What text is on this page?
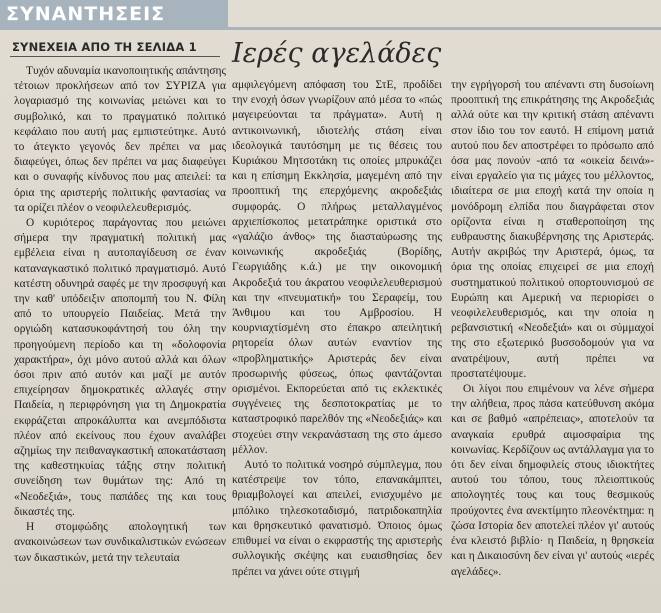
ΣΥΝΑΝΤΗΣΕΙΣ
ΣΥΝΕΧΕΙΑ ΑΠΟ ΤΗ ΣΕΛΙΔΑ 1 Ιερές αγελάδες

Τυχόν αδυναμία ικανοποιητικής απάντησης τέτοιων προκλήσεων από τον ΣΥΡΙΖΑ για λογαριασμό της κοινωνίας μειώνει και το συμβολικό, και το πραγματικό πολιτικό κεφάλαιο που αυτή μας εμπιστεύτηκε. Αυτό το άτεγκτο γεγονός δεν πρέπει να μας διαφεύγει, όπως δεν πρέπει να μας διαφεύγει και ο συναφής κίνδυνος που μας απειλεί: τα όρια της αριστερής πολιτικής φαντασίας να τα ορίζει πλέον ο νεοφιλελευθερισμός.

Ο κυριότερος παράγοντας που μειώνει σήμερα την πραγματική πολιτική μας εμβέλεια είναι η αυτοπαγίδευση σε έναν καταναγκαστικό πολιτικό πραγματισμό. Αυτό κατέστη οδυνηρά σαφές με την προσφυγή και την καθ' υπόδειξιν αποπομπή του Ν. Φίλη από το υπουργείο Παιδείας. Μετά την οργιώδη κατασυκοφάντησή του όλη την προηγούμενη περίοδο και τη «δολοφονία χαρακτήρα», όχι μόνο αυτού αλλά και όλων όσοι πριν από αυτόν και μαζί με αυτόν επιχείρησαν δημοκρατικές αλλαγές στην Παιδεία, η περιφρόνηση για τη Δημοκρατία εκφράζεται απροκάλυπτα και ανεμπόδιστα πλέον από εκείνους που έχουν αναλάβει αζημίως την πειθαναγκαστική αποκατάσταση της καθεστηκυίας τάξης στην πολιτική συνείδηση των θυμάτων της: Από τη «Νεοδεξιά», τους παπάδες της και τους δικαστές της.

Η στομφώδης απολογητική των ανακοινώσεων των συνδικαλιστικών ενώσεων των δικαστικών, μετά την τελευταία

αμφιλεγόμενη απόφαση του ΣτΕ, προδίδει την ενοχή όσων γνωρίζουν από μέσα το «πώς μαγειρεύονται τα πράγματα». Αυτή η αντικοινωνική, ιδιοτελής στάση είναι ιδεολογικά ταυτόσημη με τις θέσεις του Κυριάκου Μητσοτάκη τις οποίες μπρυκάζει και η επίσημη Εκκλησία, μαγεμένη από την προοπτική της επερχόμενης ακροδεξιάς συμφοράς. Ο πλήρως μεταλλαγμένος αρχιεπίσκοπος μετατράπηκε οριστικά στο «γαλάζιο άνθος» της διασταύρωσης της κοινωνικής ακροδεξιάς (Βορίδης, Γεωργιάδης κ.ά.) με την οικονομική Ακροδεξιά του άκρατου νεοφιλελευθερισμού και την «πνευματική» του Σεραφείμ, του Άνθιμου και του Αμβροσίου. Η κουρνιαχτίσμένη στο έπακρο απειλητική ρητορεία όλων αυτών εναντίον της «προβληματικής» Αριστεράς δεν είναι προσωρινής φύσεως, όπως φαντάζονται ορισμένοι. Εκπορεύεται από τις εκλεκτικές συγγένειες της δεσποτοκρατίας με το καταστροφικό παρελθόν της «Νεοδεξιάς» και στοχεύει στην νεκρανάσταση της στο άμεσο μέλλον.

Αυτό το πολιτικά νοσηρό σύμπλεγμα, που κατέστρεψε τον τόπο, επανακάμπτει, θριαμβολογεί και απειλεί, ενισχυμένο με μπόλικο τηλεσκοταδισμό, πατριδοκαπηλία και θρησκευτικό φανατισμό. Όποιος όμως επιθυμεί να είναι ο εκφραστής της αριστερής συλλογικής σκέψης και ευαισθησίας δεν πρέπει να χάνει ούτε στιγμή

την εγρήγορσή του απέναντι στη δυσοίωνη προοπτική της επικράτησης της Ακροδεξιάς αλλά ούτε και την κριτική στάση απέναντι στον ίδιο του τον εαυτό. Η επίμονη ματιά αυτού που δεν αποστρέφει το πρόσωπο από όσα μας πονούν -από τα «οικεία δεινά»- είναι εργαλείο για τις μάχες του μέλλοντος, ιδιαίτερα σε μια εποχή κατά την οποία η μονόδρομη ελπίδα που διαγράφεται στον ορίζοντα είναι η σταθεροποίηση της ευθραυστης διακυβέρνησης της Αριστεράς. Αυτήν ακριβώς την Αριστερά, όμως, τα όρια της οποίας επιχειρεί σε μια εποχή συστηματικού πολιτικού οπορτουνισμού σε Ευρώπη και Αμερική να περιορίσει ο νεοφιλελευθερισμός, και την οποία η ρεβανσιστική «Νεοδεξιά» και οι σύμμαχοί της στο εξωτερικό βυσσοδομούν για να ανατρέψουν, αυτή πρέπει να προστατέψουμε.

Οι λίγοι που επιμένουν να λένε σήμερα την αλήθεια, προς πάσα κατεύθυνση ακόμα και σε βαθμό «απρέπειας», αποτελούν τα αναγκαία ερυθρά αιμοσφαίρια της κοινωνίας. Κερδίζουν ως αντάλλαγμα για το ότι δεν είναι δημοφιλείς στους ιδιοκτήτες αυτού του τόπου, τους πλειοπτικούς απολογητές τους και τους θεσμικούς προύχοντες ένα ανεκτίμητο πλεονέκτημα: η ζώσα Ιστορία δεν αποτελεί πλέον γι' αυτούς ένα κλειστό βιβλίο· η Παιδεία, η θρησκεία και η Δικαιοσύνη δεν είναι γι' αυτούς «ιερές αγελάδες».
